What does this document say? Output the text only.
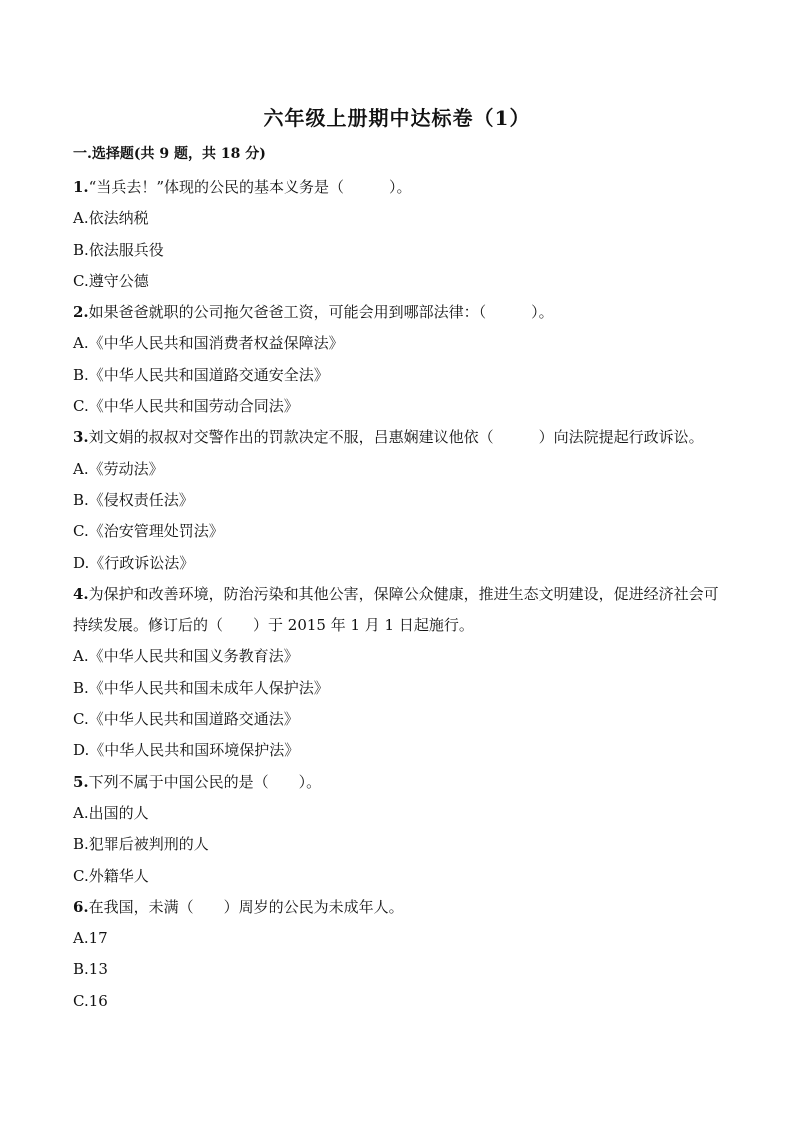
六年级上册期中达标卷（1）
一.选择题(共 9 题，共 18 分)
1.“当兵去！”体现的公民的基本义务是（　　　）。
A.依法纳税
B.依法服兵役
C.遵守公德
2.如果爸爸就职的公司拖欠爸爸工资，可能会用到哪部法律：（　　　）。
A.《中华人民共和国消费者权益保障法》
B.《中华人民共和国道路交通安全法》
C.《中华人民共和国劳动合同法》
3.刘文娟的叔叔对交警作出的罚款决定不服，吕惠娴建议他依（　　　）向法院提起行政诉讼。
A.《劳动法》
B.《侵权责任法》
C.《治安管理处罚法》
D.《行政诉讼法》
4.为保护和改善环境，防治污染和其他公害，保障公众健康，推进生态文明建设，促进经济社会可持续发展。修订后的（　　）于 2015 年 1 月 1 日起施行。
A.《中华人民共和国义务教育法》
B.《中华人民共和国未成年人保护法》
C.《中华人民共和国道路交通法》
D.《中华人民共和国环境保护法》
5.下列不属于中国公民的是（　　）。
A.出国的人
B.犯罪后被判刑的人
C.外籍华人
6.在我国，未满（　　）周岁的公民为未成年人。
A.17
B.13
C.16
